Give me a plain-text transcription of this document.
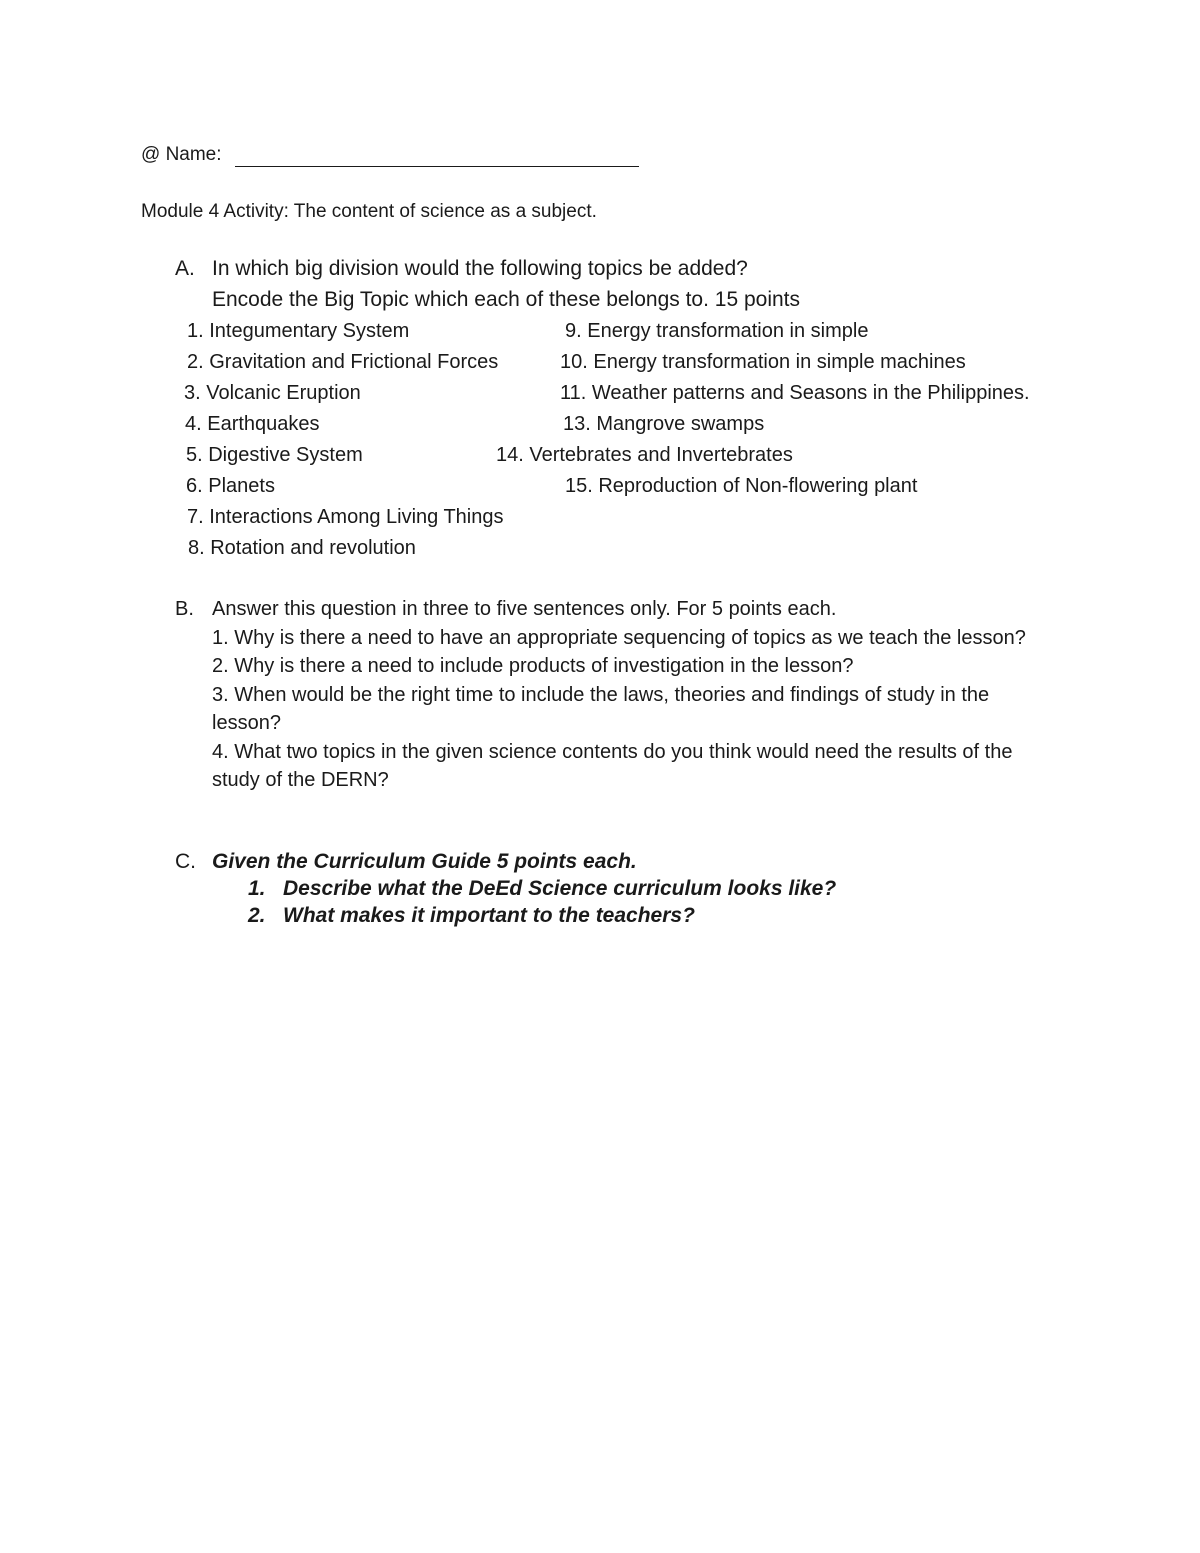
@ Name:
Module 4 Activity: The content of science as a subject.
A. In which big division would the following topics be added?
Encode the Big Topic which each of these belongs to. 15 points
1. Integumentary System
2. Gravitation and Frictional Forces
3. Volcanic Eruption
4. Earthquakes
5. Digestive System
6. Planets
7. Interactions Among Living Things
8. Rotation and revolution
9. Energy transformation in simple
10. Energy transformation in simple machines
11. Weather patterns and Seasons in the Philippines.
13. Mangrove swamps
14. Vertebrates and Invertebrates
15. Reproduction of Non-flowering plant
B. Answer this question in three to five sentences only. For 5 points each.
1. Why is there a need to have an appropriate sequencing of topics as we teach the lesson?
2. Why is there a need to include products of investigation in the lesson?
3. When would be the right time to include the laws, theories and findings of study in the
lesson?
4. What two topics in the given science contents do you think would need the results of the
study of the DERN?
C. Given the Curriculum Guide 5 points each.
1. Describe what the DeEd Science curriculum looks like?
2. What makes it important to the teachers?
